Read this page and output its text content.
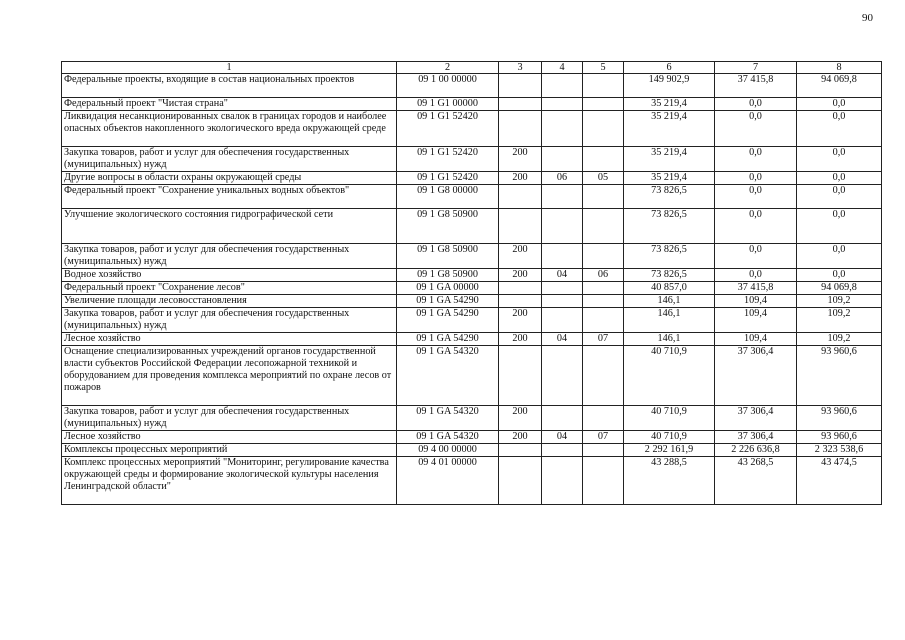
90
1	2	3	4	5	6	7	8
Федеральные проекты, входящие в состав национальных проектов	09 1 00 00000				149 902,9	37 415,8	94 069,8
Федеральный проект "Чистая страна"	09 1 G1 00000				35 219,4	0,0	0,0
Ликвидация несанкционированных свалок в границах городов и наиболее опасных объектов накопленного экологического вреда окружающей среде	09 1 G1 52420				35 219,4	0,0	0,0
Закупка товаров, работ и услуг для обеспечения государственных (муниципальных) нужд	09 1 G1 52420	200			35 219,4	0,0	0,0
Другие вопросы в области охраны окружающей среды	09 1 G1 52420	200	06	05	35 219,4	0,0	0,0
Федеральный проект "Сохранение уникальных водных объектов"	09 1 G8 00000				73 826,5	0,0	0,0
Улучшение экологического состояния гидрографической сети	09 1 G8 50900				73 826,5	0,0	0,0
Закупка товаров, работ и услуг для обеспечения государственных (муниципальных) нужд	09 1 G8 50900	200			73 826,5	0,0	0,0
Водное хозяйство	09 1 G8 50900	200	04	06	73 826,5	0,0	0,0
Федеральный проект "Сохранение лесов"	09 1 GA 00000				40 857,0	37 415,8	94 069,8
Увеличение площади лесовосстановления	09 1 GA 54290				146,1	109,4	109,2
Закупка товаров, работ и услуг для обеспечения государственных (муниципальных) нужд	09 1 GA 54290	200			146,1	109,4	109,2
Лесное хозяйство	09 1 GA 54290	200	04	07	146,1	109,4	109,2
Оснащение специализированных учреждений органов государственной власти субъектов Российской Федерации лесопожарной техникой и оборудованием для проведения комплекса мероприятий по охране лесов от пожаров	09 1 GA 54320				40 710,9	37 306,4	93 960,6
Закупка товаров, работ и услуг для обеспечения государственных (муниципальных) нужд	09 1 GA 54320	200			40 710,9	37 306,4	93 960,6
Лесное хозяйство	09 1 GA 54320	200	04	07	40 710,9	37 306,4	93 960,6
Комплексы процессных мероприятий	09 4 00 00000				2 292 161,9	2 226 636,8	2 323 538,6
Комплекс процессных мероприятий "Мониторинг, регулирование качества окружающей среды и формирование экологической культуры населения Ленинградской области"	09 4 01 00000				43 288,5	43 268,5	43 474,5
